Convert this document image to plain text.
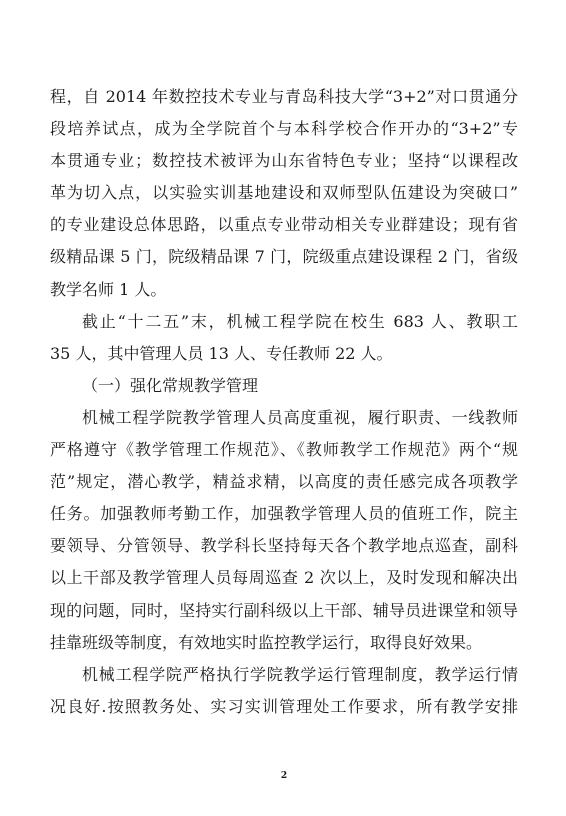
程，自 2014 年数控技术专业与青岛科技大学“3+2”对口贯通分
段培养试点，成为全学院首个与本科学校合作开办的“3+2”专
本贯通专业；数控技术被评为山东省特色专业；坚持“以课程改
革为切入点，以实验实训基地建设和双师型队伍建设为突破口”
的专业建设总体思路，以重点专业带动相关专业群建设；现有省
级精品课 5 门，院级精品课 7 门，院级重点建设课程 2 门，省级
教学名师 1 人。
截止“十二五”末，机械工程学院在校生 683 人、教职工
35 人，其中管理人员 13 人、专任教师 22 人。
（一）强化常规教学管理
机械工程学院教学管理人员高度重视，履行职责、一线教师
严格遵守《教学管理工作规范》、《教师教学工作规范》两个“规
范”规定，潜心教学，精益求精，以高度的责任感完成各项教学
任务。加强教师考勤工作，加强教学管理人员的值班工作，院主
要领导、分管领导、教学科长坚持每天各个教学地点巡查，副科
以上干部及教学管理人员每周巡查 2 次以上，及时发现和解决出
现的问题，同时，坚持实行副科级以上干部、辅导员进课堂和领导
挂靠班级等制度，有效地实时监控教学运行，取得良好效果。
机械工程学院严格执行学院教学运行管理制度，教学运行情
况良好.按照教务处、实习实训管理处工作要求，所有教学安排
2
